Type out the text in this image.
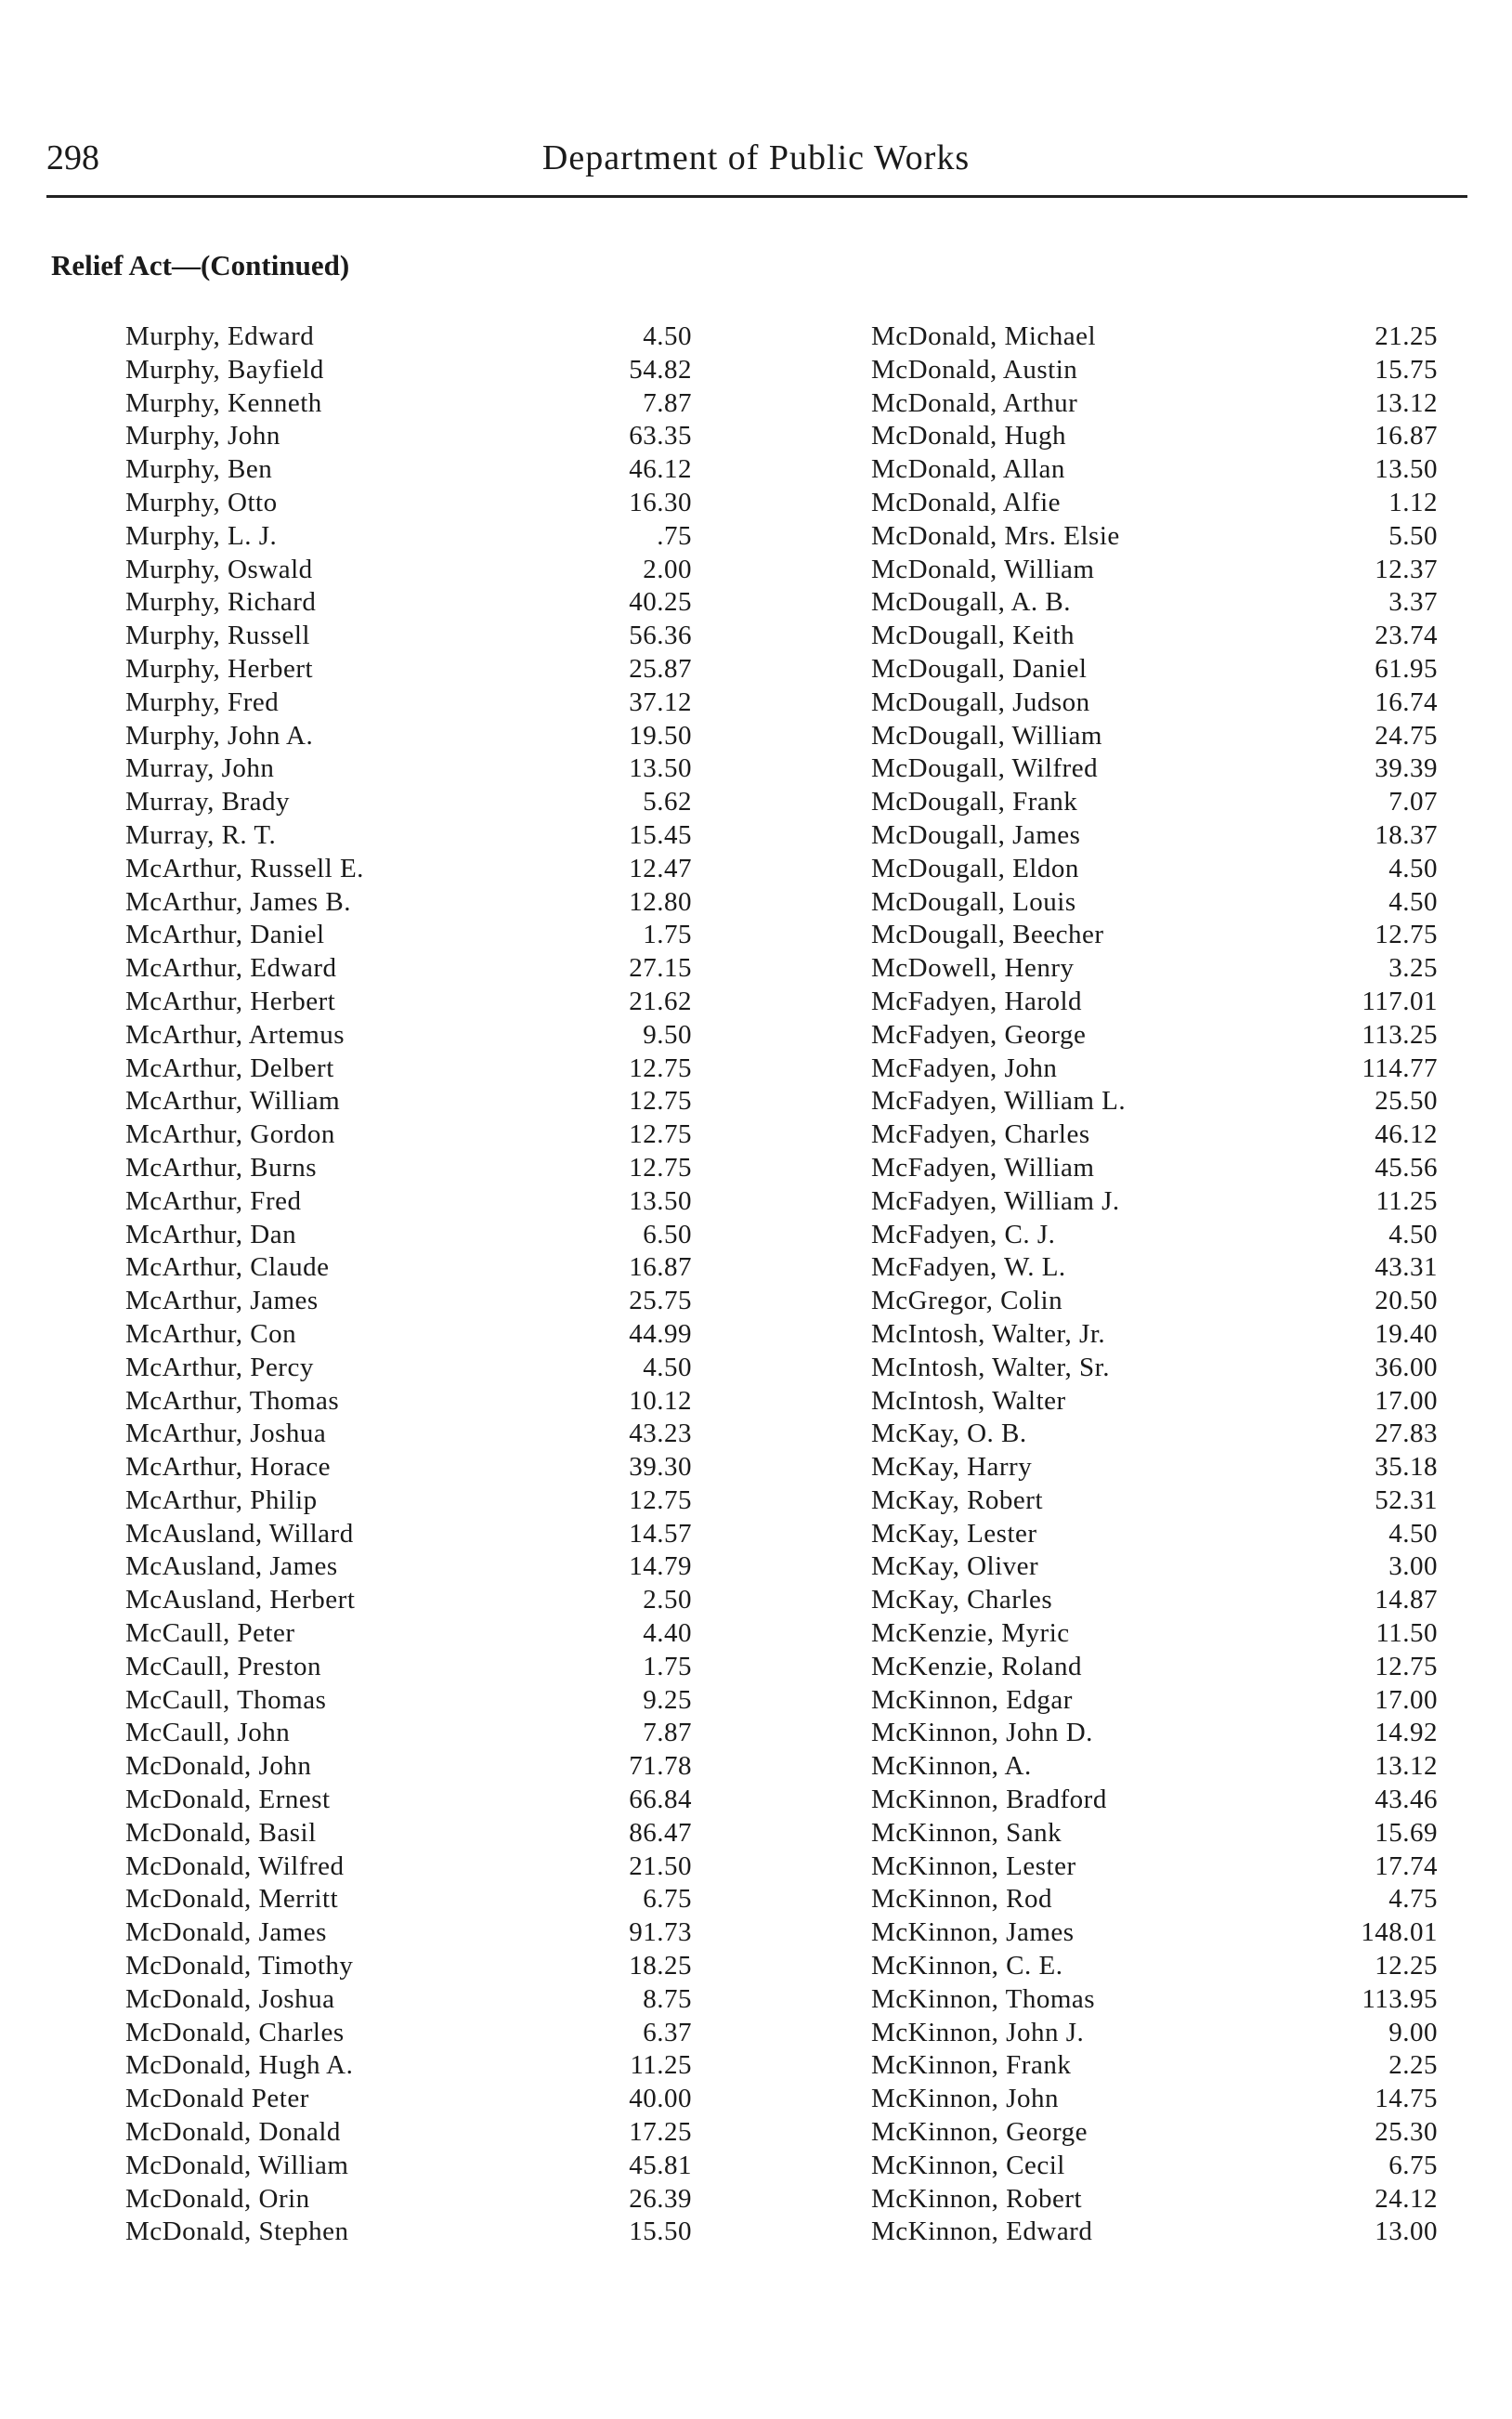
298	Department of Public Works
Relief Act—(Continued)
Murphy, Edward	4.50
Murphy, Bayfield	54.82
Murphy, Kenneth	7.87
Murphy, John	63.35
Murphy, Ben	46.12
Murphy, Otto	16.30
Murphy, L. J.	.75
Murphy, Oswald	2.00
Murphy, Richard	40.25
Murphy, Russell	56.36
Murphy, Herbert	25.87
Murphy, Fred	37.12
Murphy, John A.	19.50
Murray, John	13.50
Murray, Brady	5.62
Murray, R. T.	15.45
McArthur, Russell E.	12.47
McArthur, James B.	12.80
McArthur, Daniel	1.75
McArthur, Edward	27.15
McArthur, Herbert	21.62
McArthur, Artemus	9.50
McArthur, Delbert	12.75
McArthur, William	12.75
McArthur, Gordon	12.75
McArthur, Burns	12.75
McArthur, Fred	13.50
McArthur, Dan	6.50
McArthur, Claude	16.87
McArthur, James	25.75
McArthur, Con	44.99
McArthur, Percy	4.50
McArthur, Thomas	10.12
McArthur, Joshua	43.23
McArthur, Horace	39.30
McArthur, Philip	12.75
McAusland, Willard	14.57
McAusland, James	14.79
McAusland, Herbert	2.50
McCaull, Peter	4.40
McCaull, Preston	1.75
McCaull, Thomas	9.25
McCaull, John	7.87
McDonald, John	71.78
McDonald, Ernest	66.84
McDonald, Basil	86.47
McDonald, Wilfred	21.50
McDonald, Merritt	6.75
McDonald, James	91.73
McDonald, Timothy	18.25
McDonald, Joshua	8.75
McDonald, Charles	6.37
McDonald, Hugh A.	11.25
McDonald Peter	40.00
McDonald, Donald	17.25
McDonald, William	45.81
McDonald, Orin	26.39
McDonald, Stephen	15.50
McDonald, Michael	21.25
McDonald, Austin	15.75
McDonald, Arthur	13.12
McDonald, Hugh	16.87
McDonald, Allan	13.50
McDonald, Alfie	1.12
McDonald, Mrs. Elsie	5.50
McDonald, William	12.37
McDougall, A. B.	3.37
McDougall, Keith	23.74
McDougall, Daniel	61.95
McDougall, Judson	16.74
McDougall, William	24.75
McDougall, Wilfred	39.39
McDougall, Frank	7.07
McDougall, James	18.37
McDougall, Eldon	4.50
McDougall, Louis	4.50
McDougall, Beecher	12.75
McDowell, Henry	3.25
McFadyen, Harold	117.01
McFadyen, George	113.25
McFadyen, John	114.77
McFadyen, William L.	25.50
McFadyen, Charles	46.12
McFadyen, William	45.56
McFadyen, William J.	11.25
McFadyen, C. J.	4.50
McFadyen, W. L.	43.31
McGregor, Colin	20.50
McIntosh, Walter, Jr.	19.40
McIntosh, Walter, Sr.	36.00
McIntosh, Walter	17.00
McKay, O. B.	27.83
McKay, Harry	35.18
McKay, Robert	52.31
McKay, Lester	4.50
McKay, Oliver	3.00
McKay, Charles	14.87
McKenzie, Myric	11.50
McKenzie, Roland	12.75
McKinnon, Edgar	17.00
McKinnon, John D.	14.92
McKinnon, A.	13.12
McKinnon, Bradford	43.46
McKinnon, Sank	15.69
McKinnon, Lester	17.74
McKinnon, Rod	4.75
McKinnon, James	148.01
McKinnon, C. E.	12.25
McKinnon, Thomas	113.95
McKinnon, John J.	9.00
McKinnon, Frank	2.25
McKinnon, John	14.75
McKinnon, George	25.30
McKinnon, Cecil	6.75
McKinnon, Robert	24.12
McKinnon, Edward	13.00
